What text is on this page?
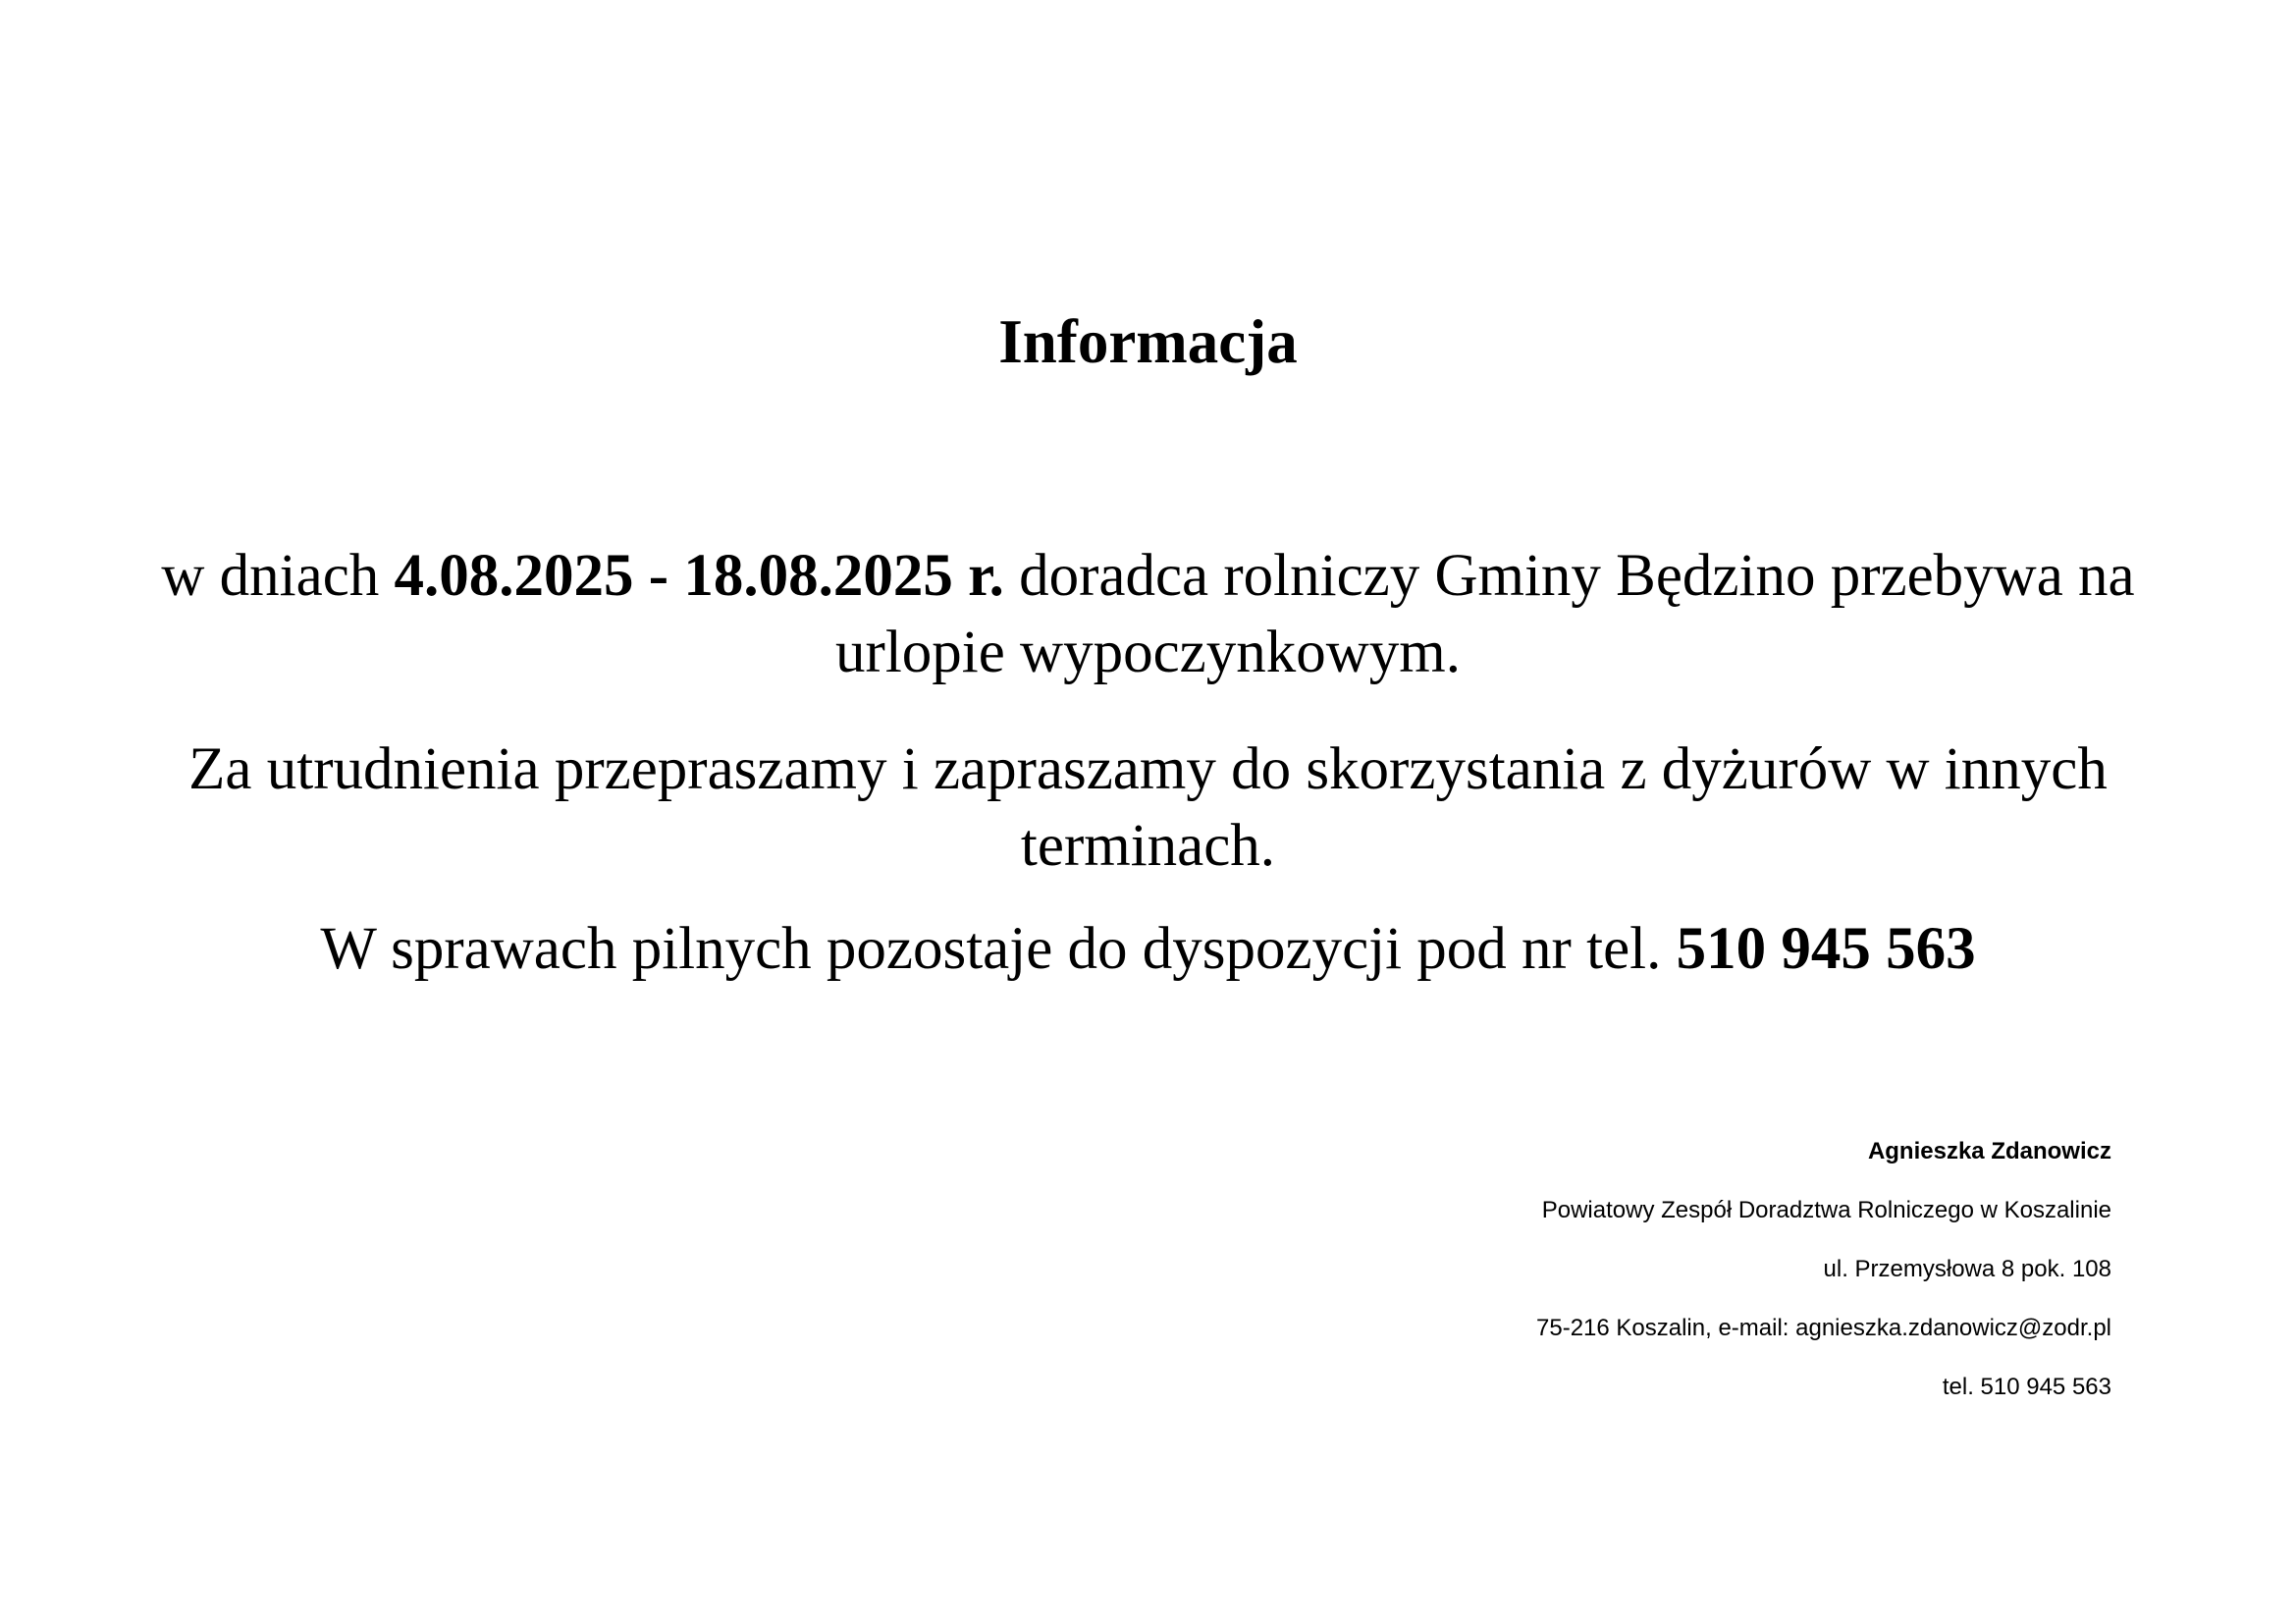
Informacja
w dniach 4.08.2025 - 18.08.2025 r. doradca rolniczy Gminy Będzino przebywa na urlopie wypoczynkowym.
Za utrudnienia przepraszamy i zapraszamy do skorzystania z dyżurów w innych terminach.
W sprawach pilnych pozostaje do dyspozycji pod nr tel. 510 945 563
Agnieszka Zdanowicz
Powiatowy Zespół Doradztwa Rolniczego w Koszalinie
ul. Przemysłowa 8 pok. 108
75-216 Koszalin, e-mail: agnieszka.zdanowicz@zodr.pl
tel. 510 945 563
